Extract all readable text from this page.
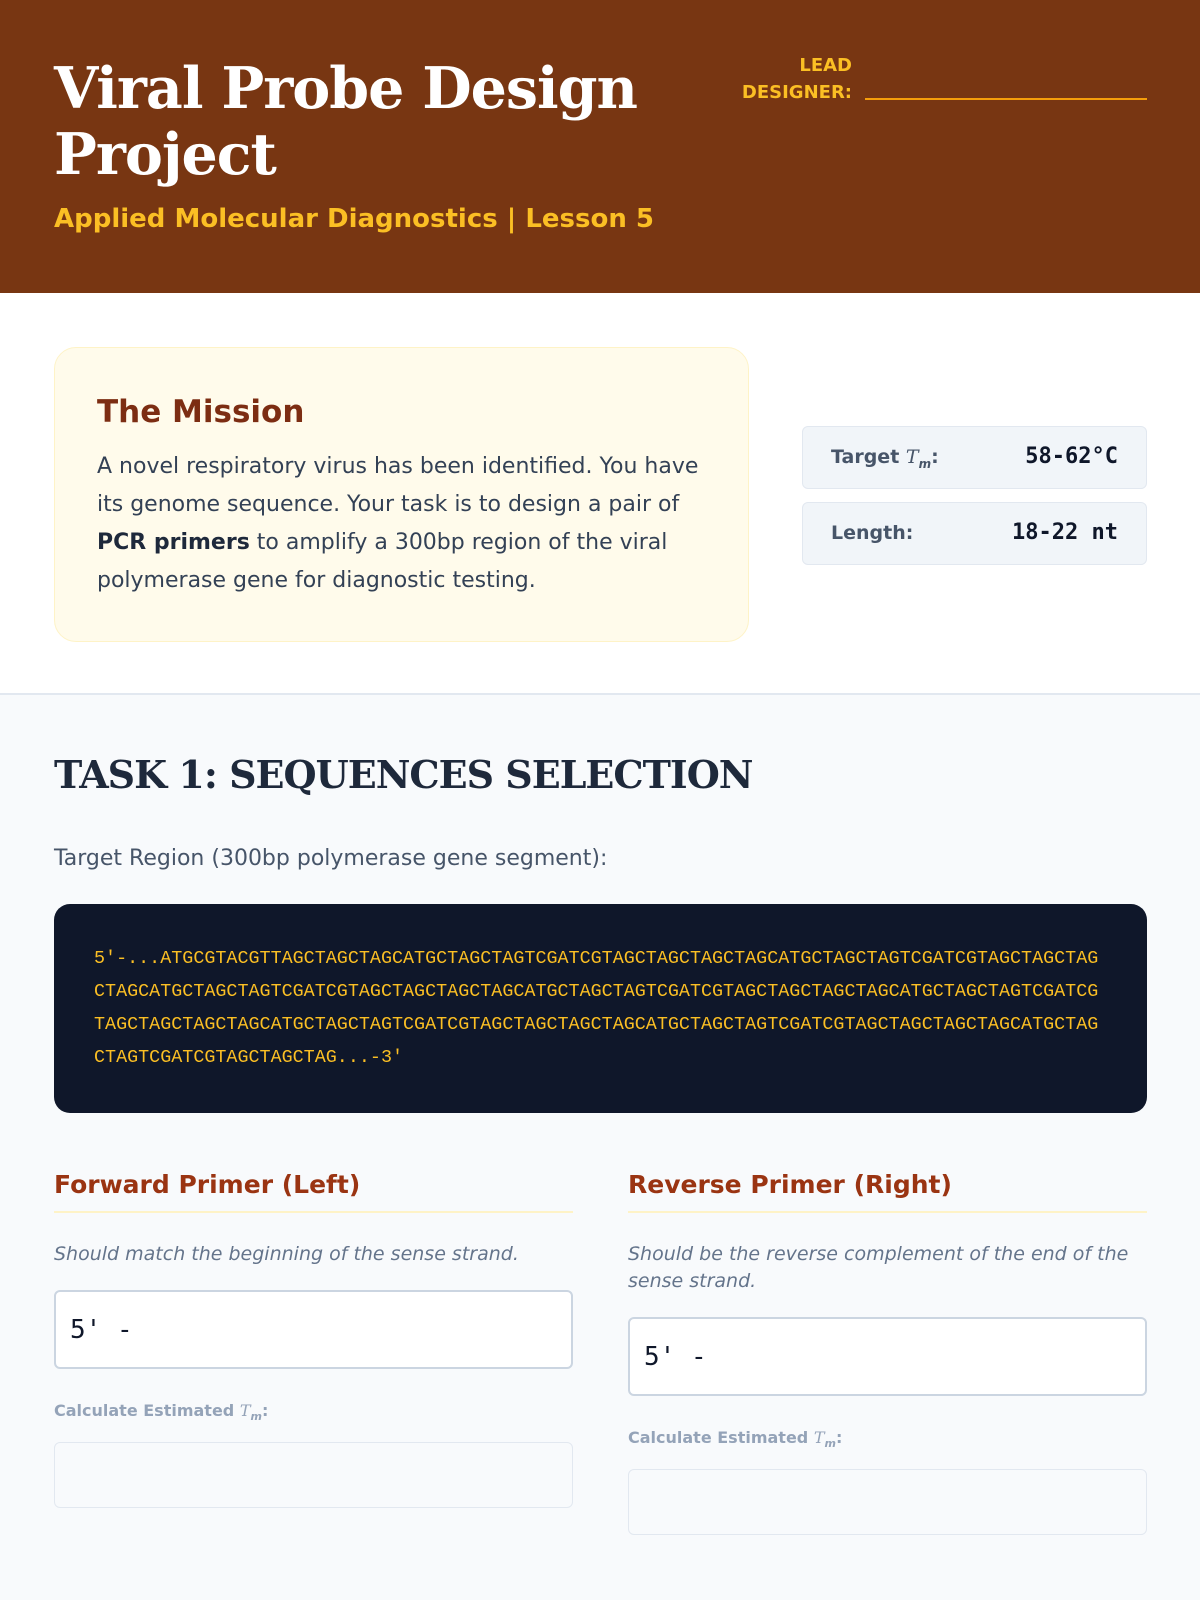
Viral Probe Design Project
Applied Molecular Diagnostics | Lesson 5
LEAD DESIGNER:
The Mission
A novel respiratory virus has been identified. You have its genome sequence. Your task is to design a pair of PCR primers to amplify a 300bp region of the viral polymerase gene for diagnostic testing.
Target $T_m$:	58-62°C
Length:	18-22 nt
TASK 1: SEQUENCES SELECTION
Target Region (300bp polymerase gene segment):
5'-...ATGCGTACGTTAGCTAGCTAGCATGCTAGCTAGTCGATCGTAGCTAGCTAGCTAGCATGCTAGCTAGTCGATCGTAGCTAGCTAGCTAGCATGCTAGCTAGTCGATCGTAGCTAGCTAGCTAGCATGCTAGCTAGTCGATCGTAGCTAGCTAGCTAGCATGCTAGCTAGTCGATCGTAGCTAGCTAGCTAGCATGCTAGCTAGTCGATCGTAGCTAGCTAGCTAGCATGCTAGCTAGTCGATCGTAGCTAGCTAGCTAGCATGCTAGCTAGTCGATCGTAGCTAGCTAG...-3'
Forward Primer (Left)
Should match the beginning of the sense strand.
5' -
Calculate Estimated $T_m$:
Reverse Primer (Right)
Should be the reverse complement of the end of the sense strand.
5' -
Calculate Estimated $T_m$:
